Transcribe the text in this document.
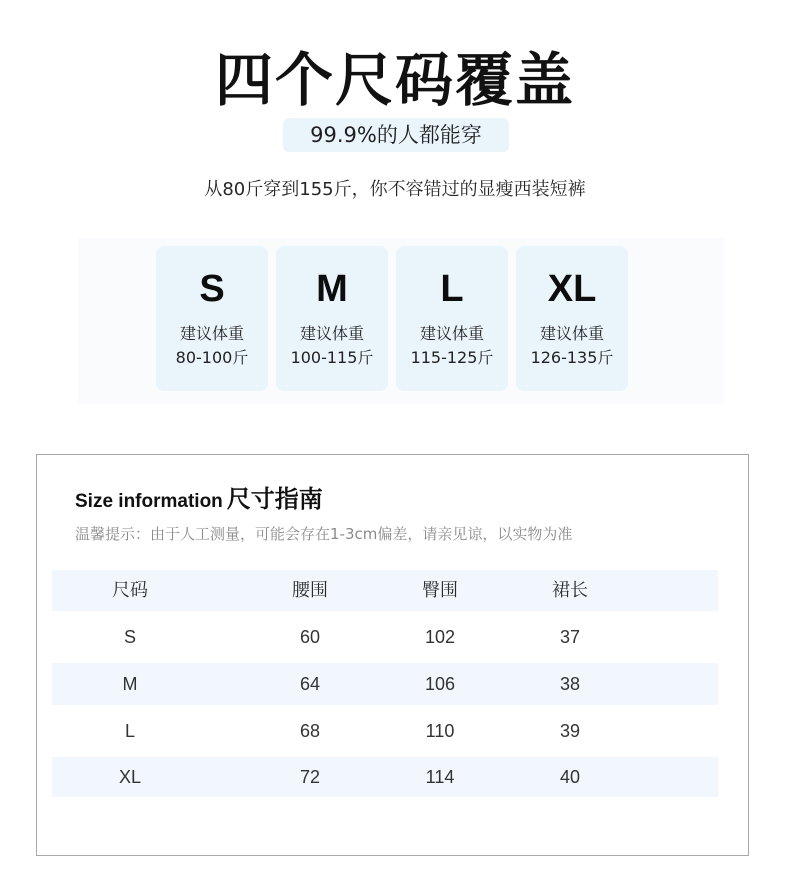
四个尺码覆盖
99.9%的人都能穿
从80斤穿到155斤，你不容错过的显瘦西装短裤
S
建议体重
80-100斤
M
建议体重
100-115斤
L
建议体重
115-125斤
XL
建议体重
126-135斤
Size information 尺寸指南
温馨提示：由于人工测量，可能会存在1-3cm偏差，请亲见谅，以实物为准
尺码	腰围	臀围	裙长
S	60	102	37
M	64	106	38
L	68	110	39
XL	72	114	40
